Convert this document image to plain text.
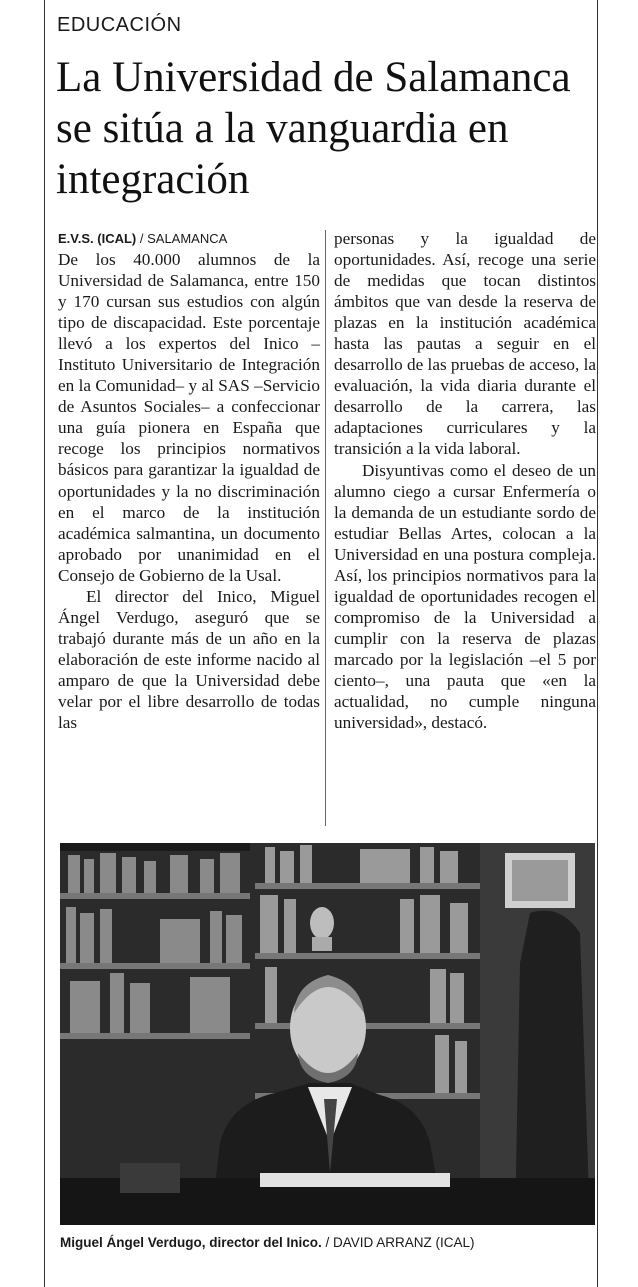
EDUCACIÓN
La Universidad de Salamanca se sitúa a la vanguardia en integración
E.V.S. (ICAL) / SALAMANCA

De los 40.000 alumnos de la Universidad de Salamanca, entre 150 y 170 cursan sus estudios con algún tipo de discapacidad. Este porcentaje llevó a los expertos del Inico –Instituto Universitario de Integración en la Comunidad– y al SAS –Servicio de Asuntos Sociales– a confeccionar una guía pionera en España que recoge los principios normativos básicos para garantizar la igualdad de oportunidades y la no discriminación en el marco de la institución académica salmantina, un documento aprobado por unanimidad en el Consejo de Gobierno de la Usal.

El director del Inico, Miguel Ángel Verdugo, aseguró que se trabajó durante más de un año en la elaboración de este informe nacido al amparo de que la Universidad debe velar por el libre desarrollo de todas las

personas y la igualdad de oportunidades. Así, recoge una serie de medidas que tocan distintos ámbitos que van desde la reserva de plazas en la institución académica hasta las pautas a seguir en el desarrollo de las pruebas de acceso, la evaluación, la vida diaria durante el desarrollo de la carrera, las adaptaciones curriculares y la transición a la vida laboral.

Disyuntivas como el deseo de un alumno ciego a cursar Enfermería o la demanda de un estudiante sordo de estudiar Bellas Artes, colocan a la Universidad en una postura compleja. Así, los principios normativos para la igualdad de oportunidades recogen el compromiso de la Universidad a cumplir con la reserva de plazas marcado por la legislación –el 5 por ciento–, una pauta que «en la actualidad, no cumple ninguna universidad», destacó.

Miguel Ángel Verdugo, director del Inico. / DAVID ARRANZ (ICAL)
